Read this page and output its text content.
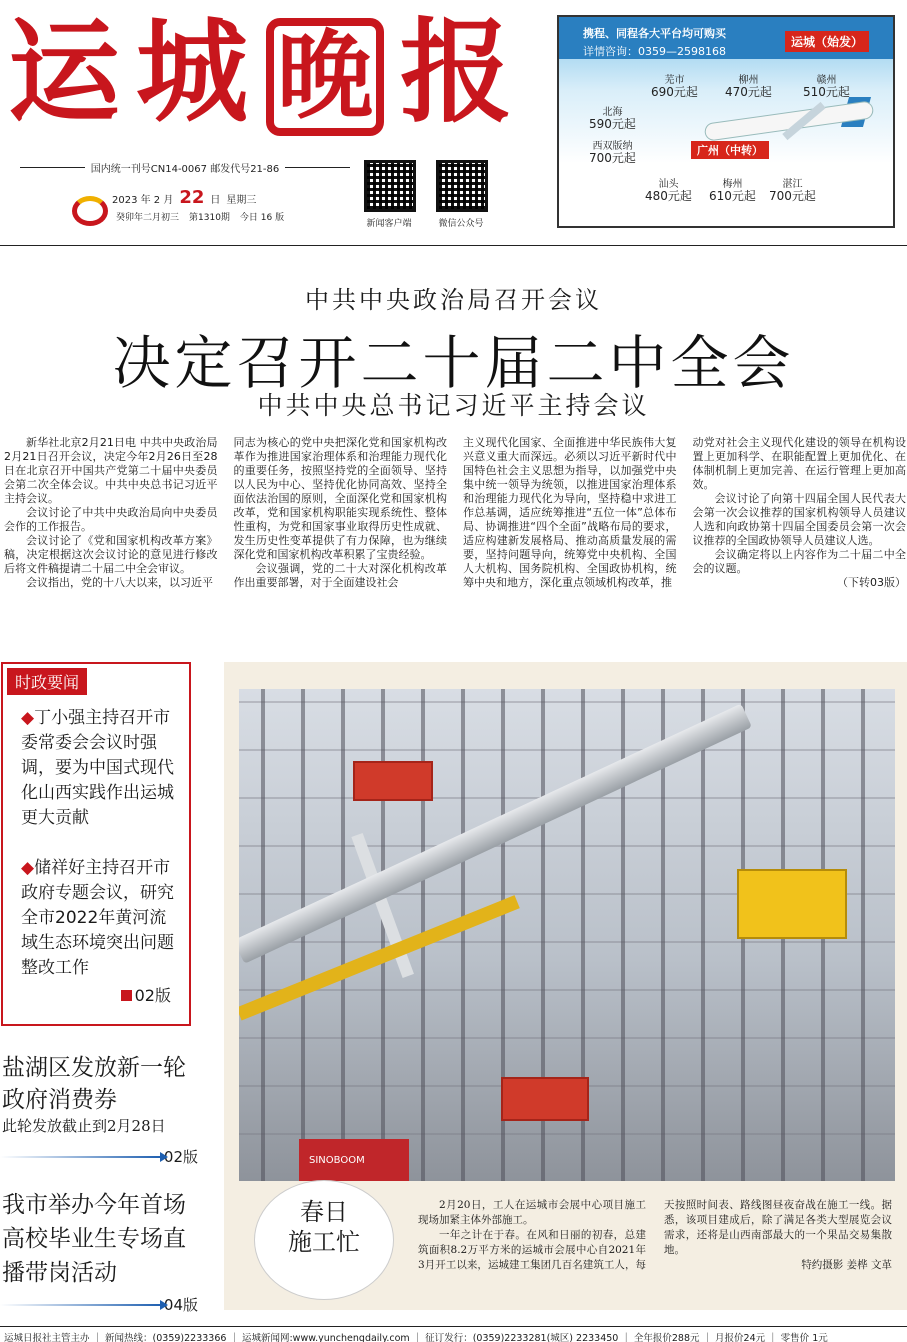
运 城 晚 报
国内统一刊号CN14-0067 邮发代号21-86
2023 年 2 月 22 日 星期三
癸卯年二月初三 第1310期 今日 16 版
新闻客户端	微信公众号
携程、同程各大平台均可购买
详情咨询：0359—2598168
运城（始发）
广州（中转）
芜市
690元起
柳州
470元起
赣州
510元起
北海
590元起
西双版纳
700元起
汕头
480元起
梅州
610元起
湛江
700元起
中共中央政治局召开会议
决定召开二十届二中全会
中共中央总书记习近平主持会议

新华社北京2月21日电 中共中央政治局2月21日召开会议，决定今年2月26日至28日在北京召开中国共产党第二十届中央委员会第二次全体会议。中共中央总书记习近平主持会议。

会议讨论了中共中央政治局向中央委员会作的工作报告。

会议讨论了《党和国家机构改革方案》稿，决定根据这次会议讨论的意见进行修改后将文件稿提请二十届二中全会审议。

会议指出，党的十八大以来，以习近平

同志为核心的党中央把深化党和国家机构改革作为推进国家治理体系和治理能力现代化的重要任务，按照坚持党的全面领导、坚持以人民为中心、坚持优化协同高效、坚持全面依法治国的原则，全面深化党和国家机构改革，党和国家机构职能实现系统性、整体性重构，为党和国家事业取得历史性成就、发生历史性变革提供了有力保障，也为继续深化党和国家机构改革积累了宝贵经验。

会议强调，党的二十大对深化机构改革作出重要部署，对于全面建设社会

主义现代化国家、全面推进中华民族伟大复兴意义重大而深远。必须以习近平新时代中国特色社会主义思想为指导，以加强党中央集中统一领导为统领，以推进国家治理体系和治理能力现代化为导向，坚持稳中求进工作总基调，适应统筹推进“五位一体”总体布局、协调推进“四个全面”战略布局的要求，适应构建新发展格局、推动高质量发展的需要，坚持问题导向，统筹党中央机构、全国人大机构、国务院机构、全国政协机构，统筹中央和地方，深化重点领域机构改革，推

动党对社会主义现代化建设的领导在机构设置上更加科学、在职能配置上更加优化、在体制机制上更加完善、在运行管理上更加高效。

会议讨论了向第十四届全国人民代表大会第一次会议推荐的国家机构领导人员建议人选和向政协第十四届全国委员会第一次会议推荐的全国政协领导人员建议人选。

会议确定将以上内容作为二十届二中全会的议题。

（下转03版）

时政要闻
◆丁小强主持召开市委常委会会议时强调，要为中国式现代化山西实践作出运城更大贡献
◆储祥好主持召开市政府专题会议，研究全市2022年黄河流域生态环境突出问题整改工作
02版
盐湖区发放新一轮政府消费券
此轮发放截止到2月28日
02版
我市举办今年首场高校毕业生专场直播带岗活动
04版
SINOBOOM
春日
施工忙

2月20日，工人在运城市会展中心项目施工现场加紧主体外部施工。

一年之计在于春。在风和日丽的初春，总建筑面积8.2万平方米的运城市会展中心自2021年3月开工以来，运城建工集团几百名建筑工人，每天按照时间表、路线图昼夜奋战在施工一线。据悉，该项目建成后，除了满足各类大型展览会议需求，还将是山西南部最大的一个果品交易集散地。

特约摄影 姜桦 文革

运城日报社主管主办 ｜ 新闻热线：(0359)2233366 ｜ 运城新闻网:www.yunchengdaily.com ｜ 征订发行：(0359)2233281(城区) 2233450 ｜ 全年报价288元 ｜ 月报价24元 ｜ 零售价 1元
